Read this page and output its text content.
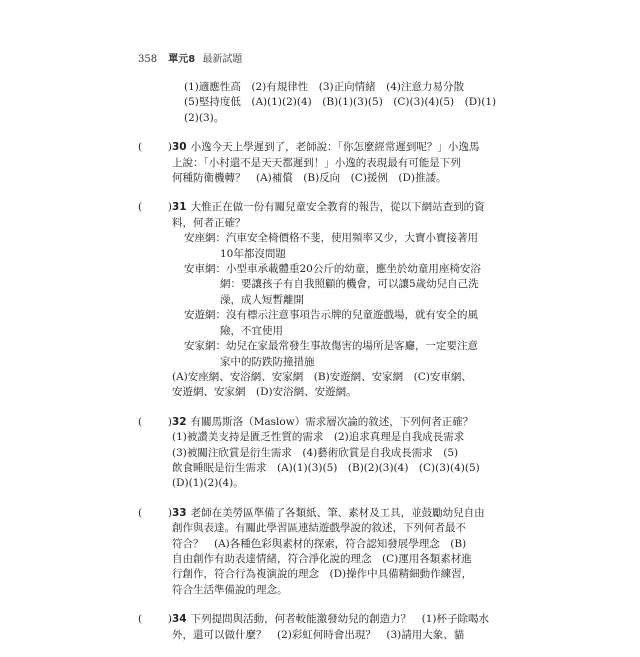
358 單元8 最新試題
(1)適應性高　(2)有規律性　(3)正向情緒　(4)注意力易分散
(5)堅持度低　(A)(1)(2)(4)　(B)(1)(3)(5)　(C)(3)(4)(5)　(D)(1)
(2)(3)。
( ) 30 小逸今天上學遲到了，老師說：「你怎麼經常遲到呢？」小逸馬
上說：「小村還不是天天都遲到！」小逸的表現最有可能是下列
何種防衛機轉？　(A)補償　(B)反向　(C)援例　(D)推諉。
( ) 31 大惟正在做一份有關兒童安全教育的報告，從以下網站查到的資
料，何者正確？
安座網：汽車安全椅價格不斐，使用頻率又少，大寶小寶接著用
10年都沒問題
安車網：小型車承載體重20公斤的幼童，應坐於幼童用座椅安浴
網：要讓孩子有自我照顧的機會，可以讓5歲幼兒自己洗
澡，成人短暫離開
安遊網：沒有標示注意事項告示牌的兒童遊戲場，就有安全的風
險，不宜使用
安家網：幼兒在家最常發生事故傷害的場所是客廳，一定要注意
家中的防跌防撞措施
(A)安座網、安浴網、安家網　(B)安遊網、安家網　(C)安車網、
安遊網、安家網　(D)安浴網、安遊網。
( ) 32 有關馬斯洛（Maslow）需求層次論的敘述，下列何者正確？
(1)被讚美支持是匱乏性質的需求　(2)追求真理是自我成長需求
(3)被關注欣賞是衍生需求　(4)藝術欣賞是自我成長需求　(5)
飲食睡眠是衍生需求　(A)(1)(3)(5)　(B)(2)(3)(4)　(C)(3)(4)(5)
(D)(1)(2)(4)。
( ) 33 老師在美勞區準備了各類紙、筆、素材及工具，並鼓勵幼兒自由
創作與表達。有關此學習區連結遊戲學說的敘述，下列何者最不
符合？　(A)各種色彩與素材的探索，符合認知發展學理念　(B)
自由創作有助表達情緒，符合淨化說的理念　(C)運用各類素材進
行創作，符合行為複演說的理念　(D)操作中具備精細動作練習，
符合生活準備說的理念。
( ) 34 下列提問與活動，何者較能激發幼兒的創造力？　(1)杯子除喝水
外，還可以做什麼？　(2)彩虹何時會出現？　(3)請用大象、貓
